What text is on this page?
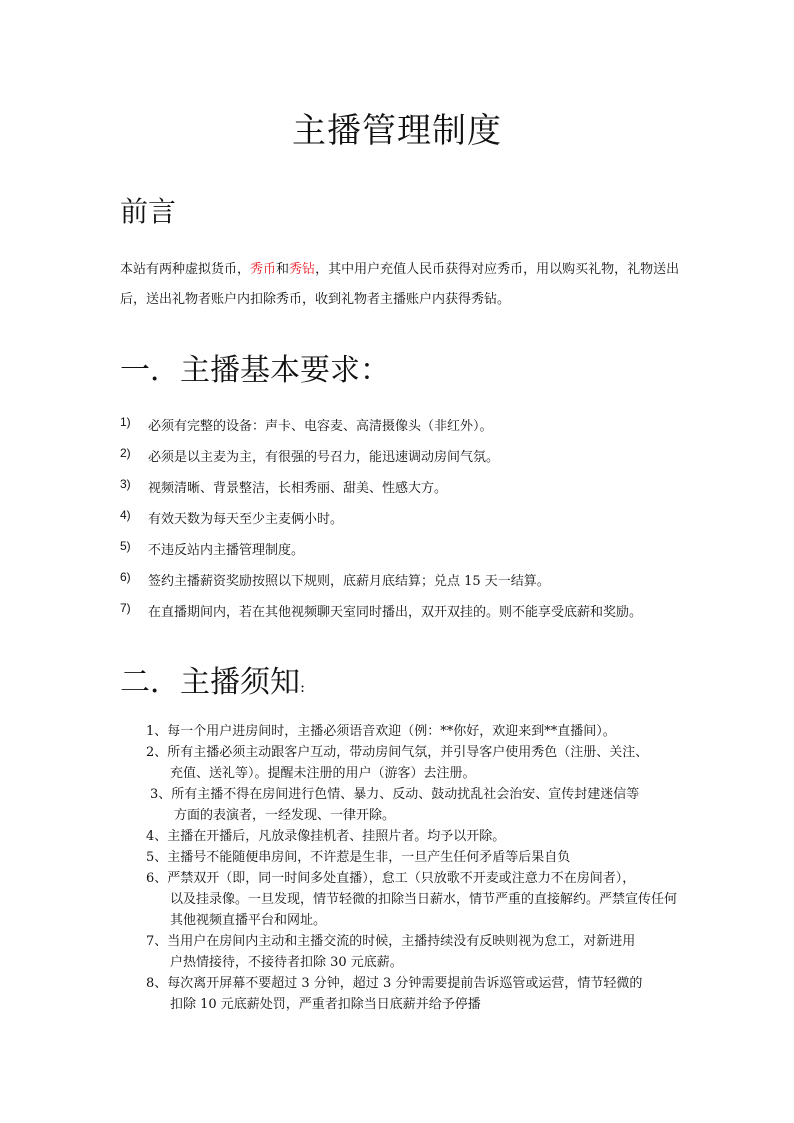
主播管理制度
前言

本站有两种虚拟货币，秀币和秀钻，其中用户充值人民币获得对应秀币，用以购买礼物，礼物送出后，送出礼物者账户内扣除秀币，收到礼物者主播账户内获得秀钻。

一．主播基本要求：
1)	必须有完整的设备：声卡、电容麦、高清摄像头（非红外）。
2)	必须是以主麦为主，有很强的号召力，能迅速调动房间气氛。
3)	视频清晰、背景整洁，长相秀丽、甜美、性感大方。
4)	有效天数为每天至少主麦俩小时。
5)	不违反站内主播管理制度。
6)	签约主播薪资奖励按照以下规则，底薪月底结算；兑点 15 天一结算。
7)	在直播期间内，若在其他视频聊天室同时播出，双开双挂的。则不能享受底薪和奖励。
二．主播须知:
1、每一个用户进房间时，主播必须语音欢迎（例：**你好，欢迎来到**直播间）。
2、所有主播必须主动跟客户互动，带动房间气氛，并引导客户使用秀色（注册、关注、
充值、送礼等）。提醒未注册的用户（游客）去注册。
3、所有主播不得在房间进行色情、暴力、反动、鼓动扰乱社会治安、宣传封建迷信等
方面的表演者，一经发现、一律开除。
4、主播在开播后，凡放录像挂机者、挂照片者。均予以开除。
5、主播号不能随便串房间，不许惹是生非，一旦产生任何矛盾等后果自负
6、严禁双开（即，同一时间多处直播），怠工（只放歌不开麦或注意力不在房间者），
以及挂录像。一旦发现，情节轻微的扣除当日薪水，情节严重的直接解约。严禁宣传任何其他视频直播平台和网址。
7、当用户在房间内主动和主播交流的时候，主播持续没有反映则视为怠工，对新进用
户热情接待，不接待者扣除 30 元底薪。
8、每次离开屏幕不要超过 3 分钟，超过 3 分钟需要提前告诉巡管或运营，情节轻微的
扣除 10 元底薪处罚，严重者扣除当日底薪并给予停播
